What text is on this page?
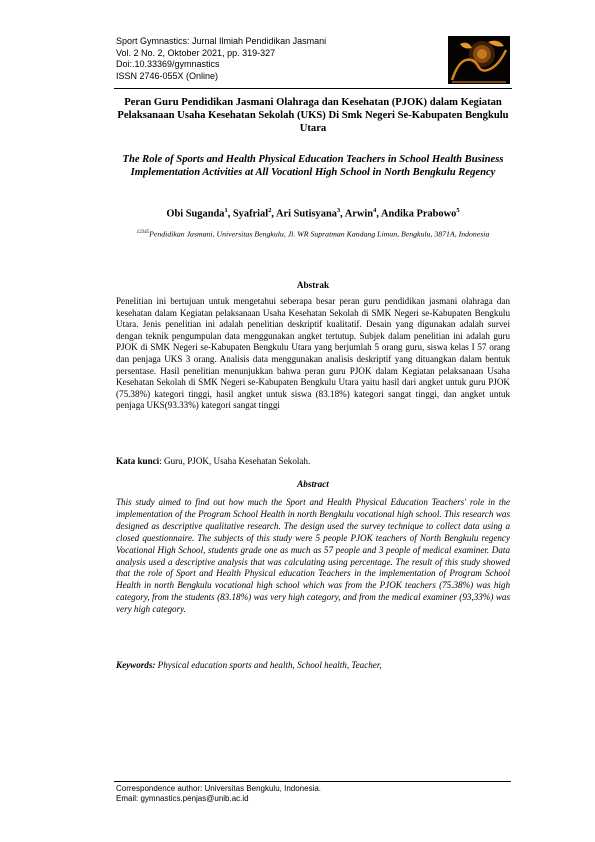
Sport Gymnastics: Jurnal Ilmiah Pendidikan Jasmani
Vol. 2 No. 2, Oktober 2021, pp. 319-327
Doi:.10.33369/gymnastics
ISSN 2746-055X (Online)
Peran Guru Pendidikan Jasmani Olahraga dan Kesehatan (PJOK) dalam Kegiatan Pelaksanaan Usaha Kesehatan Sekolah (UKS) Di Smk Negeri Se-Kabupaten Bengkulu Utara
The Role of Sports and Health Physical Education Teachers in School Health Business Implementation Activities at All Vocationl High School in North Bengkulu Regency
Obi Suganda$^1$, Syafrial$^2$, Ari Sutisyana$^3$, Arwin$^4$, Andika Prabowo$^5$
$^{12345}$Pendidikan Jasmani, Universitas Bengkulu, Jl. WR Supratman Kandang Limun, Bengkulu, 3871A, Indonesia
Abstrak
Penelitian ini bertujuan untuk mengetahui seberapa besar peran guru pendidikan jasmani olahraga dan kesehatan dalam Kegiatan pelaksanaan Usaha Kesehatan Sekolah di SMK Negeri se-Kabupaten Bengkulu Utara. Jenis penelitian ini adalah penelitian deskriptif kualitatif. Desain yang digunakan adalah survei dengan teknik pengumpulan data menggunakan angket tertutup. Subjek dalam penelitian ini adalah guru PJOK di SMK Negeri se-Kabupaten Bengkulu Utara yang berjumlah 5 orang guru, siswa kelas I 57 orang dan penjaga UKS 3 orang. Analisis data menggunakan analisis deskriptif yang dituangkan dalam bentuk persentase. Hasil penelitian menunjukkan bahwa peran guru PJOK dalam Kegiatan pelaksanaan Usaha Kesehatan Sekolah di SMK Negeri se-Kabupaten Bengkulu Utara yaitu hasil dari angket untuk guru PJOK (75.38%) kategori tinggi, hasil angket untuk siswa (83.18%) kategori sangat tinggi, dan angket untuk penjaga UKS(93.33%) kategori sangat tinggi
Kata kunci: Guru, PJOK, Usaha Kesehatan Sekolah.
Abstract
This study aimed to find out how much the Sport and Health Physical Education Teachers' role in the implementation of the Program School Health in north Bengkulu vocational high school. This research was designed as descriptive qualitative research. The design used the survey technique to collect data using a closed questionnaire. The subjects of this study were 5 people PJOK teachers of North Bengkulu regency Vocational High School, students grade one as much as 57 people and 3 people of medical examiner. Data analysis used a descriptive analysis that was calculating using percentage. The result of this study showed that the role of Sport and Health Physical education Teachers in the implementation of Program School Health in north Bengkulu vocational high school which was from the PJOK teachers (75.38%) was high category, from the students (83.18%) was very high category, and from the medical examiner (93,33%) was very high category.
Keywords: Physical education sports and health, School health, Teacher,
Correspondence author: Universitas Bengkulu, Indonesia.
Email: gymnastics.penjas@unib.ac.id
